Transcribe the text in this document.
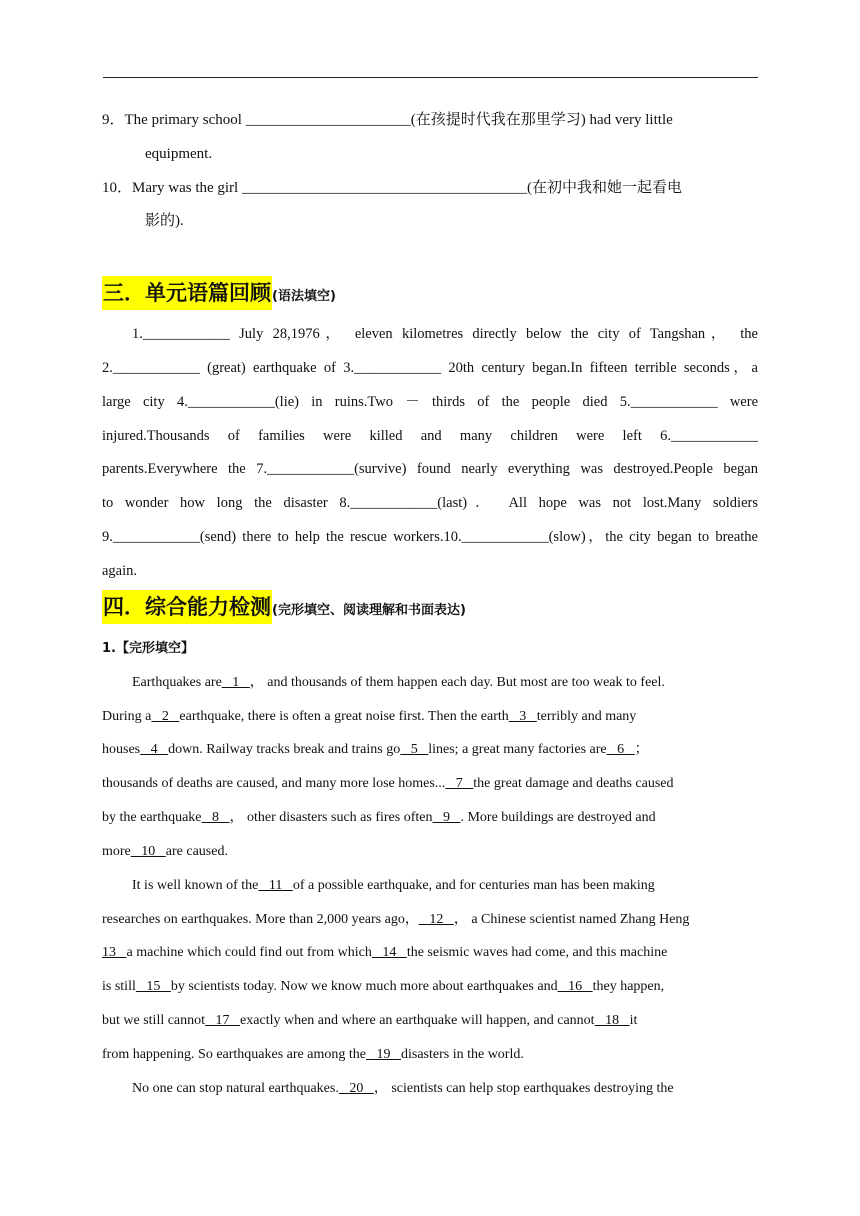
9．The primary school ______________________(在孩提时代我在那里学习) had very little
equipment.
10．Mary was the girl ______________________________________(在初中我和她一起看电
影的).
三．单元语篇回顾(语法填空)
1.____________ July 28,1976， eleven kilometres directly below the city of Tangshan， the
2.____________ (great) earthquake of 3.____________ 20th century began.In fifteen terrible seconds，a
large city 4.____________(lie) in ruins.Two － thirds of the people died 5.____________ were
injured.Thousands of families were killed and many children were left 6.____________
parents.Everywhere the 7.____________(survive) found nearly everything was destroyed.People began
to wonder how long the disaster 8.____________(last)． All hope was not lost.Many soldiers
9.____________(send) there to help the rescue workers.10.____________(slow)，the city began to breathe
again.
四．综合能力检测(完形填空、阅读理解和书面表达)
1.【完形填空】
Earthquakes are   1   ， and thousands of them happen each day. But most are too weak to feel.
During a   2   earthquake, there is often a great noise first. Then the earth   3   terribly and many
houses   4   down. Railway tracks break and trains go   5   lines; a great many factories are   6   ；
thousands of deaths are caused, and many more lose homes...   7   the great damage and deaths caused
by the earthquake   8   ， other disasters such as fires often   9   . More buildings are destroyed and
more   10   are caused.
It is well known of the   11   of a possible earthquake, and for centuries man has been making
researches on earthquakes. More than 2,000 years ago，   12   ， a Chinese scientist named Zhang Heng
13 a machine which could find out from which   14   the seismic waves had come, and this machine
is still   15   by scientists today. Now we know much more about earthquakes and   16   they happen,
but we still cannot   17   exactly when and where an earthquake will happen, and cannot   18   it
from happening. So earthquakes are among the   19   disasters in the world.
No one can stop natural earthquakes.   20   ， scientists can help stop earthquakes destroying the
